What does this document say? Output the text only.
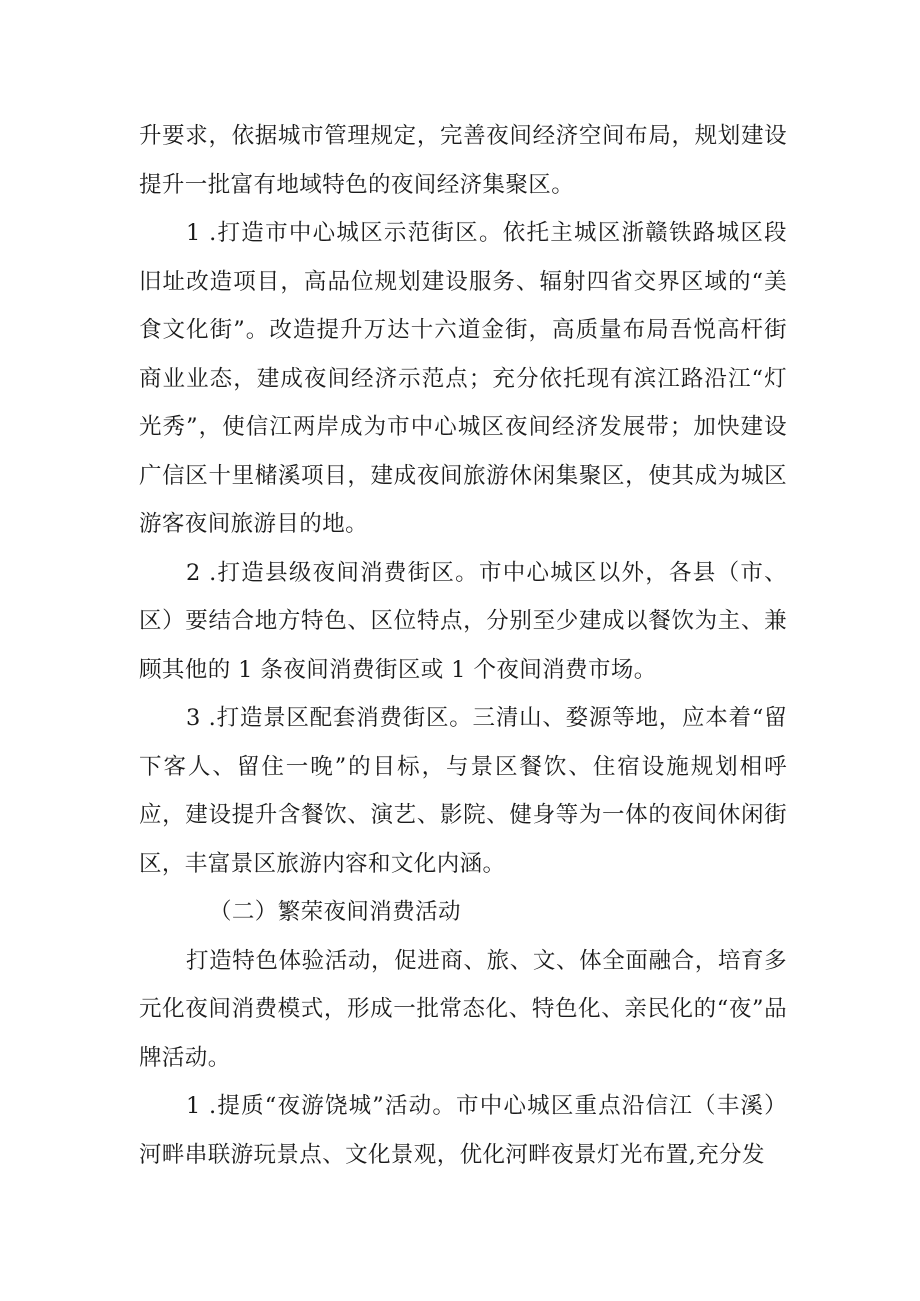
升要求，依据城市管理规定，完善夜间经济空间布局，规划建设提升一批富有地域特色的夜间经济集聚区。

1 .打造市中心城区示范街区。依托主城区浙赣铁路城区段旧址改造项目，高品位规划建设服务、辐射四省交界区域的“美食文化街”。改造提升万达十六道金街，高质量布局吾悦高杆街商业业态，建成夜间经济示范点；充分依托现有滨江路沿江“灯光秀”，使信江两岸成为市中心城区夜间经济发展带；加快建设广信区十里槠溪项目，建成夜间旅游休闲集聚区，使其成为城区游客夜间旅游目的地。

2 .打造县级夜间消费街区。市中心城区以外，各县（市、区）要结合地方特色、区位特点，分别至少建成以餐饮为主、兼顾其他的 1 条夜间消费街区或 1 个夜间消费市场。

3 .打造景区配套消费街区。三清山、婺源等地，应本着“留下客人、留住一晚”的目标，与景区餐饮、住宿设施规划相呼应，建设提升含餐饮、演艺、影院、健身等为一体的夜间休闲街区，丰富景区旅游内容和文化内涵。

（二）繁荣夜间消费活动

打造特色体验活动，促进商、旅、文、体全面融合，培育多元化夜间消费模式，形成一批常态化、特色化、亲民化的“夜”品牌活动。

1 .提质“夜游饶城”活动。市中心城区重点沿信江（丰溪）河畔串联游玩景点、文化景观，优化河畔夜景灯光布置,充分发
